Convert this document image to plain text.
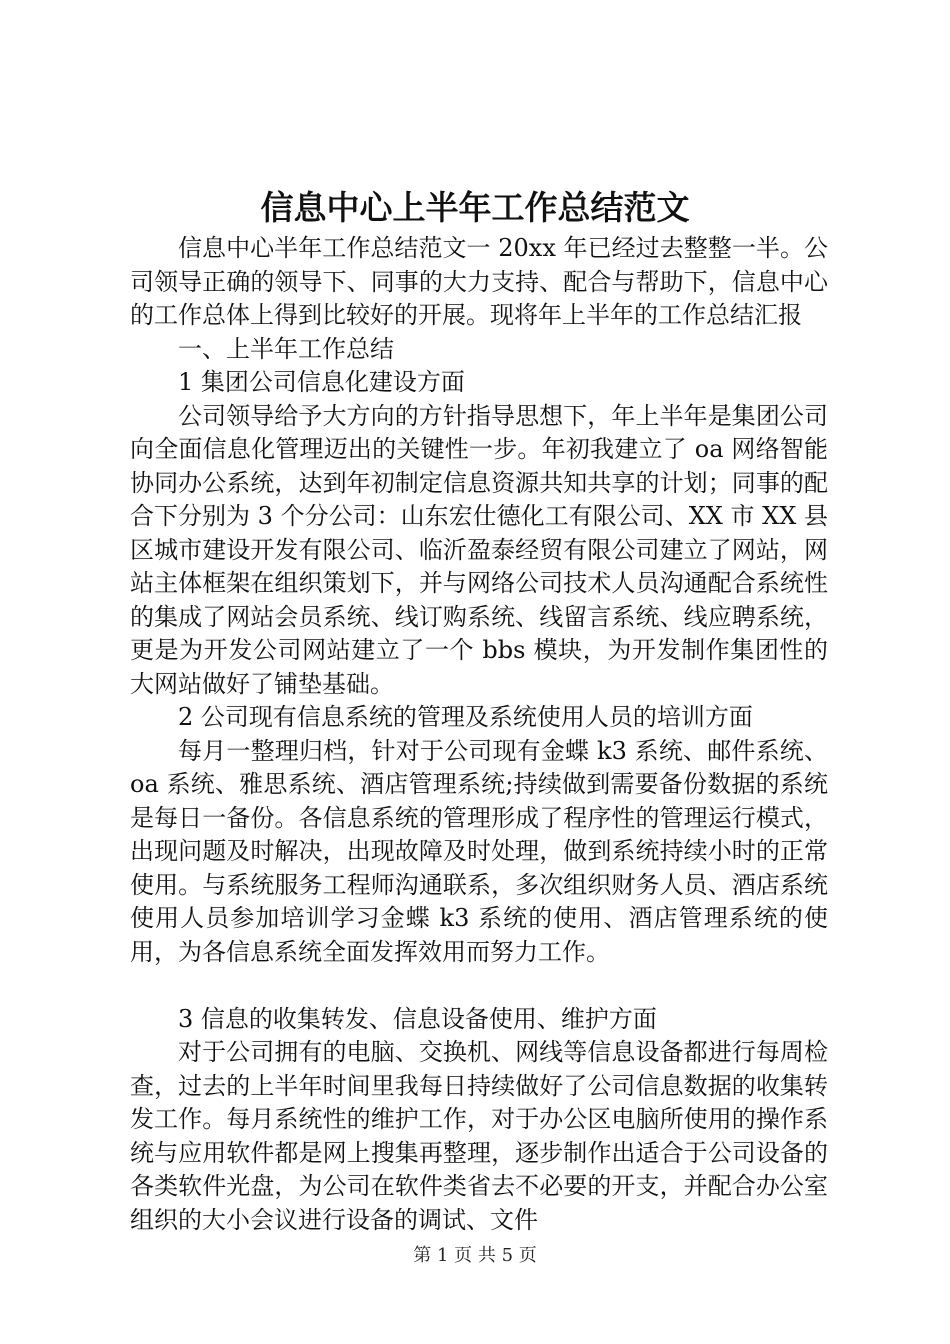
信息中心上半年工作总结范文

信息中心半年工作总结范文一 20xx 年已经过去整整一半。公司领导正确的领导下、同事的大力支持、配合与帮助下，信息中心的工作总体上得到比较好的开展。现将年上半年的工作总结汇报

一、上半年工作总结

1 集团公司信息化建设方面

公司领导给予大方向的方针指导思想下，年上半年是集团公司向全面信息化管理迈出的关键性一步。年初我建立了 oa 网络智能协同办公系统，达到年初制定信息资源共知共享的计划；同事的配合下分别为 3 个分公司：山东宏仕德化工有限公司、XX 市 XX 县区城市建设开发有限公司、临沂盈泰经贸有限公司建立了网站，网站主体框架在组织策划下，并与网络公司技术人员沟通配合系统性的集成了网站会员系统、线订购系统、线留言系统、线应聘系统，更是为开发公司网站建立了一个 bbs 模块，为开发制作集团性的大网站做好了铺垫基础。

2 公司现有信息系统的管理及系统使用人员的培训方面

每月一整理归档，针对于公司现有金蝶 k3 系统、邮件系统、oa 系统、雅思系统、酒店管理系统;持续做到需要备份数据的系统是每日一备份。各信息系统的管理形成了程序性的管理运行模式，出现问题及时解决，出现故障及时处理，做到系统持续小时的正常使用。与系统服务工程师沟通联系，多次组织财务人员、酒店系统使用人员参加培训学习金蝶 k3 系统的使用、酒店管理系统的使用，为各信息系统全面发挥效用而努力工作。

3 信息的收集转发、信息设备使用、维护方面

对于公司拥有的电脑、交换机、网线等信息设备都进行每周检查，过去的上半年时间里我每日持续做好了公司信息数据的收集转发工作。每月系统性的维护工作，对于办公区电脑所使用的操作系统与应用软件都是网上搜集再整理，逐步制作出适合于公司设备的各类软件光盘，为公司在软件类省去不必要的开支，并配合办公室组织的大小会议进行设备的调试、文件

第 1 页 共 5 页
